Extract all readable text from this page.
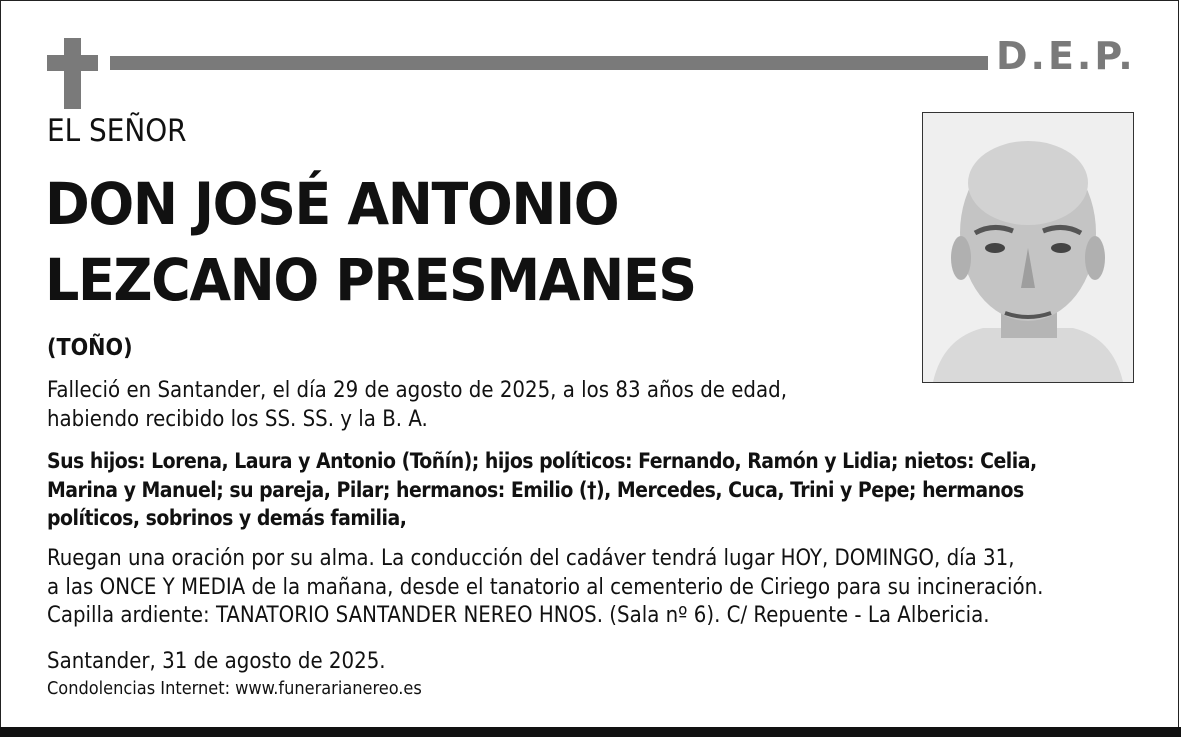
D.E.P.
EL SEÑOR
DON JOSÉ ANTONIO
LEZCANO PRESMANES
(TOÑO)
Falleció en Santander, el día 29 de agosto de 2025, a los 83 años de edad,
habiendo recibido los SS. SS. y la B. A.
Sus hijos: Lorena, Laura y Antonio (Toñín); hijos políticos: Fernando, Ramón y Lidia; nietos: Celia,
Marina y Manuel; su pareja, Pilar; hermanos: Emilio (†), Mercedes, Cuca, Trini y Pepe; hermanos
políticos, sobrinos y demás familia,
Ruegan una oración por su alma. La conducción del cadáver tendrá lugar HOY, DOMINGO, día 31,
a las ONCE Y MEDIA de la mañana, desde el tanatorio al cementerio de Ciriego para su incineración.
Capilla ardiente: TANATORIO SANTANDER NEREO HNOS. (Sala nº 6). C/ Repuente - La Albericia.
Santander, 31 de agosto de 2025.
Condolencias Internet: www.funerarianereo.es
